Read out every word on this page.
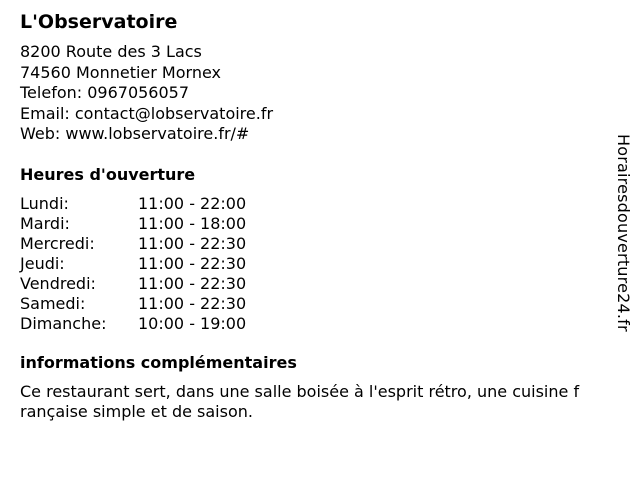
L'Observatoire
8200 Route des 3 Lacs
74560 Monnetier Mornex
Telefon: 0967056057
Email: contact@lobservatoire.fr
Web: www.lobservatoire.fr/#
Heures d'ouverture
Lundi:	11:00 - 22:00
Mardi:	11:00 - 18:00
Mercredi:	11:00 - 22:30
Jeudi:	11:00 - 22:30
Vendredi:	11:00 - 22:30
Samedi:	11:00 - 22:30
Dimanche:	10:00 - 19:00
informations complémentaires
Ce restaurant sert, dans une salle boisée à l'esprit rétro, une cuisine française simple et de saison.
Horairesdouverture24.fr
